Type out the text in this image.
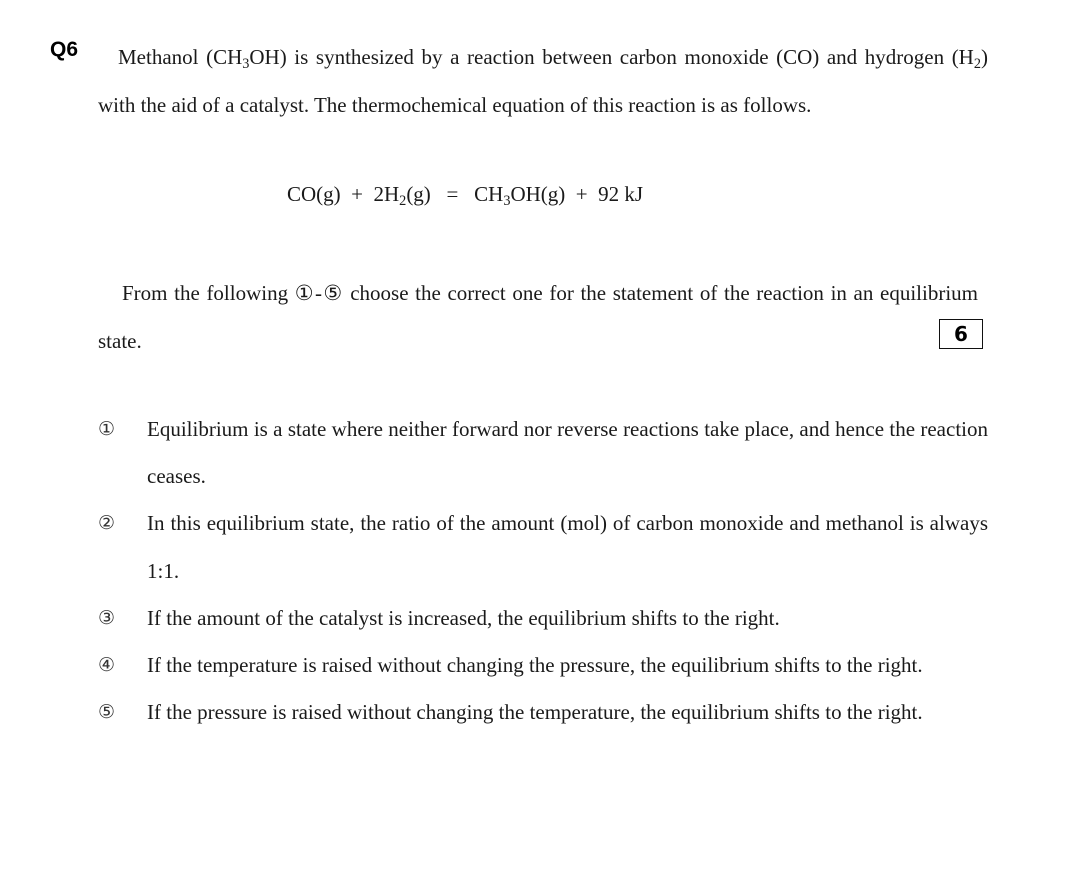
Q6	Methanol $(CH_3OH)$ is synthesized by a reaction between carbon monoxide (CO) and hydrogen $(H_2)$ with the aid of a catalyst. The thermochemical equation of this reaction is as follows.

$CO(g) + 2H_2(g) = CH_3OH(g) + 92$ kJ

From the following ①-⑤ choose the correct one for the statement of the reaction in an equilibrium state.	6
① Equilibrium is a state where neither forward nor reverse reactions take place, and hence the reaction ceases.
② In this equilibrium state, the ratio of the amount (mol) of carbon monoxide and methanol is always 1:1.
③ If the amount of the catalyst is increased, the equilibrium shifts to the right.
④ If the temperature is raised without changing the pressure, the equilibrium shifts to the right.
⑤ If the pressure is raised without changing the temperature, the equilibrium shifts to the right.
